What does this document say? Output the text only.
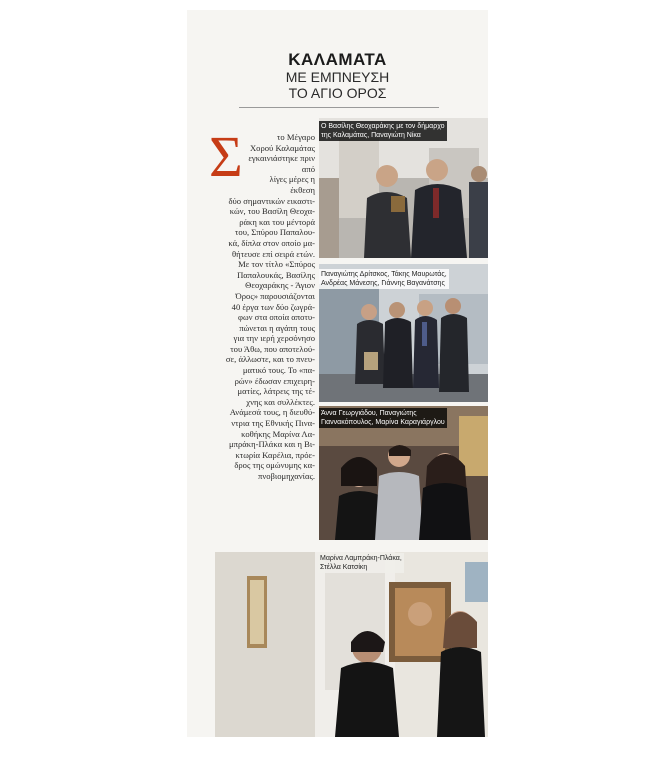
ΚΑΛΑΜΑΤΑ
ΜΕ ΕΜΠΝΕΥΣΗ
ΤΟ ΑΓΙΟ ΟΡΟΣ
Σ	το Μέγαρο

Χορού Καλαμάτας

εγκαινιάστηκε πριν από

λίγες μέρες η έκθεση

δύο σημαντικών εικαστι-

κών, του Βασίλη Θεοχα-

ράκη και του μέντορά

του, Σπύρου Παπαλου-

κά, δίπλα στον οποίο μα-

θήτευσε επί σειρά ετών.

Με τον τίτλο «Σπύρος

Παπαλουκάς, Βασίλης

Θεοχαράκης - Άγιον

Όρος» παρουσιάζονται

40 έργα των δύο ζωγρά-

φων στα οποία αποτυ-

πώνεται η αγάπη τους

για την ιερή χερσόνησο

του Άθω, που αποτελού-

σε, άλλωστε, και το πνευ-

ματικό τους. Το «πα-

ρών» έδωσαν επιχειρη-

ματίες, λάτρεις της τέ-

χνης και συλλέκτες.

Ανάμεσά τους, η διευθύ-

ντρια της Εθνικής Πινα-

κοθήκης Μαρίνα Λα-

μπράκη-Πλάκα και η Βι-

κτωρία Καρέλια, πρόε-

δρος της ομώνυμης κα-

πνοβιομηχανίας.

Ο Βασίλης Θεοχαράκης με τον δήμαρχο
της Καλαμάτας, Παναγιώτη Νίκα
Παναγιώτης Δρίτσκος, Τάκης Μαυρωτάς,
Ανδρέας Μάνεσης, Γιάννης Βαγανάτσης
Άννα Γεωργιάδου, Παναγιώτης
Γιαννακόπουλος, Μαρίνα Καραγιάργλου
Μαρίνα Λαμπράκη-Πλάκα,
Στέλλα Κατσίκη
